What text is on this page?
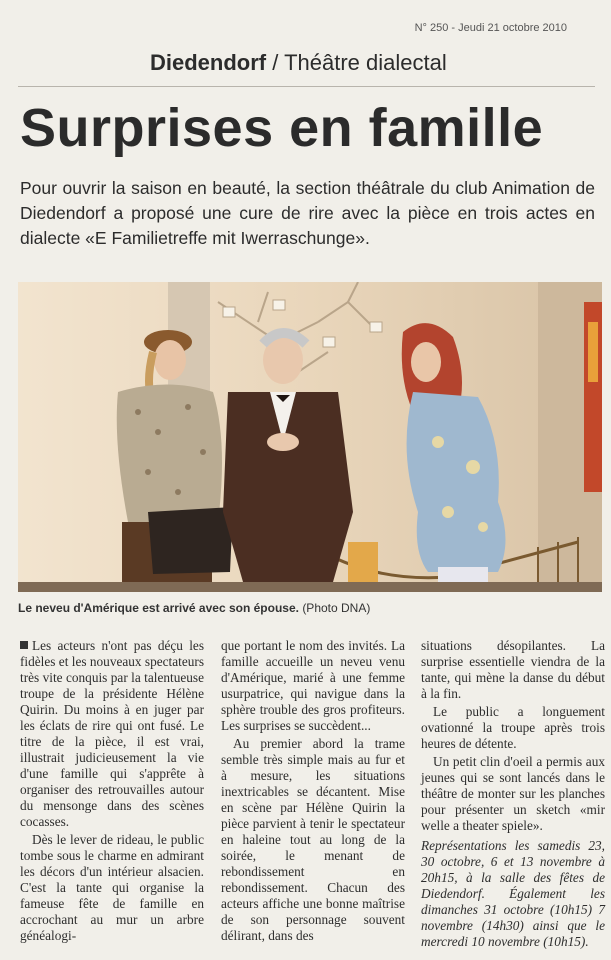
N° 250 - Jeudi 21 octobre 2010
Diedendorf / Théâtre dialectal
Surprises en famille
Pour ouvrir la saison en beauté, la section théâtrale du club Animation de Diedendorf a proposé une cure de rire avec la pièce en trois actes en dialecte «E Familietreffe mit Iwerraschunge».
Le neveu d'Amérique est arrivé avec son épouse. (Photo DNA)

Les acteurs n'ont pas déçu les fidèles et les nouveaux spectateurs très vite conquis par la talentueuse troupe de la présidente Hélène Quirin. Du moins à en juger par les éclats de rire qui ont fusé. Le titre de la pièce, il est vrai, illustrait judicieusement la vie d'une famille qui s'apprête à organiser des retrouvailles autour du mensonge dans des scènes cocasses.

Dès le lever de rideau, le public tombe sous le charme en admirant les décors d'un intérieur alsacien. C'est la tante qui organise la fameuse fête de famille en accrochant au mur un arbre généalogi-

que portant le nom des invités. La famille accueille un neveu venu d'Amérique, marié à une femme usurpatrice, qui navigue dans la sphère trouble des gros profiteurs. Les surprises se succèdent...

Au premier abord la trame semble très simple mais au fur et à mesure, les situations inextricables se décantent. Mise en scène par Hélène Quirin la pièce parvient à tenir le spectateur en haleine tout au long de la soirée, le menant de rebondissement en rebondissement. Chacun des acteurs affiche une bonne maîtrise de son personnage souvent délirant, dans des

situations désopilantes. La surprise essentielle viendra de la tante, qui mène la danse du début à la fin.

Le public a longuement ovationné la troupe après trois heures de détente.

Un petit clin d'oeil a permis aux jeunes qui se sont lancés dans le théâtre de monter sur les planches pour présenter un sketch «mir welle a theater spiele».

Représentations les samedis 23, 30 octobre, 6 et 13 novembre à 20h15, à la salle des fêtes de Diedendorf. Également les dimanches 31 octobre (10h15) 7 novembre (14h30) ainsi que le mercredi 10 novembre (10h15).
